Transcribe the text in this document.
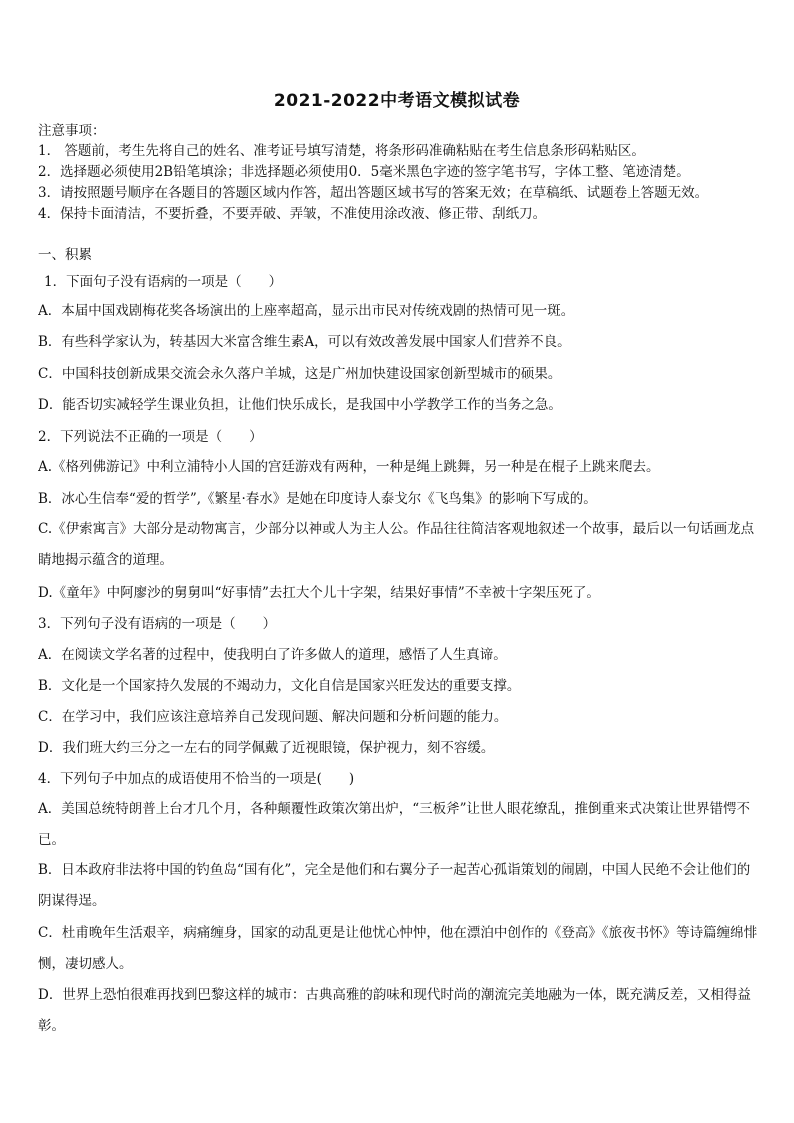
2021-2022中考语文模拟试卷
注意事项：
1． 答题前，考生先将自己的姓名、准考证号填写清楚，将条形码准确粘贴在考生信息条形码粘贴区。
2．选择题必须使用2B铅笔填涂；非选择题必须使用0．5毫米黑色字迹的签字笔书写，字体工整、笔迹清楚。
3．请按照题号顺序在各题目的答题区域内作答，超出答题区域书写的答案无效；在草稿纸、试题卷上答题无效。
4．保持卡面清洁，不要折叠，不要弄破、弄皱，不准使用涂改液、修正带、刮纸刀。
一、积累
1．下面句子没有语病的一项是（　　）
A．本届中国戏剧梅花奖各场演出的上座率超高，显示出市民对传统戏剧的热情可见一斑。
B．有些科学家认为，转基因大米富含维生素A，可以有效改善发展中国家人们营养不良。
C．中国科技创新成果交流会永久落户羊城，这是广州加快建设国家创新型城市的硕果。
D．能否切实减轻学生课业负担，让他们快乐成长，是我国中小学教学工作的当务之急。
2．下列说法不正确的一项是（　　）
A.《格列佛游记》中利立浦特小人国的宫廷游戏有两种，一种是绳上跳舞，另一种是在棍子上跳来爬去。
B．冰心生信奉“爱的哲学”,《繁星·春水》是她在印度诗人泰戈尔《飞鸟集》的影响下写成的。
C.《伊索寓言》大部分是动物寓言，少部分以神或人为主人公。作品往往简洁客观地叙述一个故事，最后以一句话画龙点睛地揭示蕴含的道理。
D.《童年》中阿廖沙的舅舅叫“好事情”去扛大个儿十字架，结果好事情”不幸被十字架压死了。
3．下列句子没有语病的一项是（　　）
A．在阅读文学名著的过程中，使我明白了许多做人的道理，感悟了人生真谛。
B．文化是一个国家持久发展的不竭动力，文化自信是国家兴旺发达的重要支撑。
C．在学习中，我们应该注意培养自己发现问题、解决问题和分析问题的能力。
D．我们班大约三分之一左右的同学佩戴了近视眼镜，保护视力，刻不容缓。
4．下列句子中加点的成语使用不恰当的一项是(　　)
A．美国总统特朗普上台才几个月，各种颠覆性政策次第出炉，“三板斧”让世人眼花缭乱，推倒重来式决策让世界错愕不已。
B．日本政府非法将中国的钓鱼岛“国有化”，完全是他们和右翼分子一起苦心孤诣策划的闹剧，中国人民绝不会让他们的阴谋得逞。
C．杜甫晚年生活艰辛，病痛缠身，国家的动乱更是让他忧心忡忡，他在漂泊中创作的《登高》《旅夜书怀》等诗篇缠绵悱恻，凄切感人。
D．世界上恐怕很难再找到巴黎这样的城市：古典高雅的韵味和现代时尚的潮流完美地融为一体，既充满反差，又相得益彰。
